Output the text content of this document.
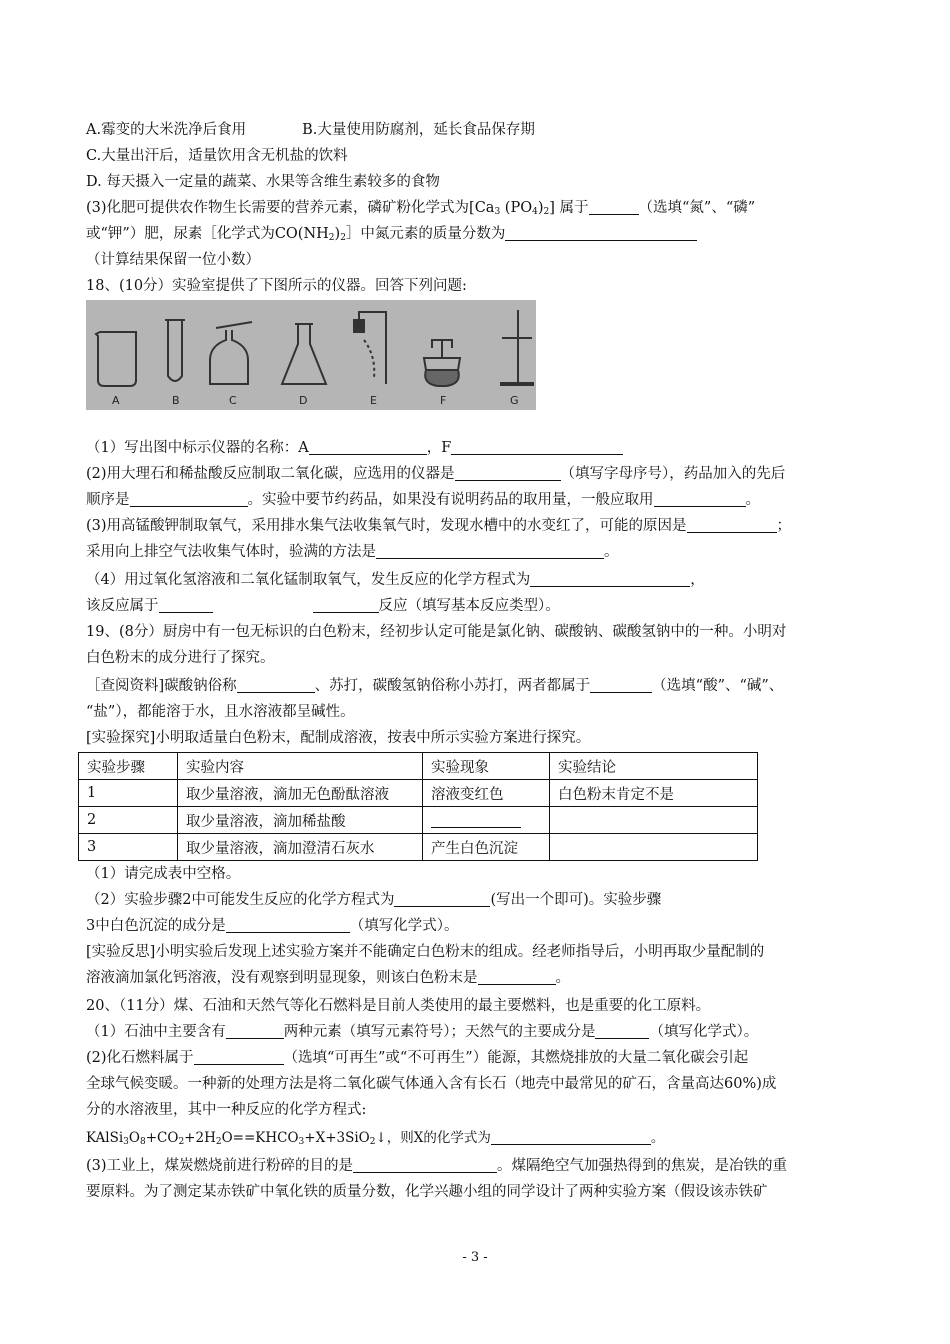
A.霉变的大米洗净后食用	B.大量使用防腐剂，延长食品保存期
C.大量出汗后，适量饮用含无机盐的饮料
D. 每天摄入一定量的蔬菜、水果等含维生素较多的食物
(3)化肥可提供农作物生长需要的营养元素，磷矿粉化学式为[$Ca_3$ $(PO_4)_2$] 属于	（选填“氮”、“磷”
或“钾”）肥，尿素［化学式为$CO(NH_2)_2]$中氮元素的质量分数为
（计算结果保留一位小数）
18、(10分）实验室提供了下图所示的仪器。回答下列问题:
A	B	C	D	E	F	G
（1）写出图中标示仪器的名称：A	，F
(2)用大理石和稀盐酸反应制取二氧化碳，应选用的仪器是	（填写字母序号），药品加入的先后
顺序是	。实验中要节约药品，如果没有说明药品的取用量，一般应取用	。
(3)用高锰酸钾制取氧气，采用排水集气法收集氧气时，发现水槽中的水变红了，可能的原因是	；
采用向上排空气法收集气体时，验满的方法是	。
（4）用过氧化氢溶液和二氧化锰制取氧气，发生反应的化学方程式为	，
该反应属于	反应（填写基本反应类型）。
19、(8分）厨房中有一包无标识的白色粉末，经初步认定可能是氯化钠、碳酸钠、碳酸氢钠中的一种。小明对
白色粉末的成分进行了探究。
［查阅资料]碳酸钠俗称	、苏打，碳酸氢钠俗称小苏打，两者都属于	（选填“酸”、“碱”、
“盐”），都能溶于水，且水溶液都呈碱性。
[实验探究]小明取适量白色粉末，配制成溶液，按表中所示实验方案进行探究。
实验步骤	实验内容	实验现象	实验结论
1	取少量溶液，滴加无色酚酞溶液	溶液变红色	白色粉末肯定不是
2	取少量溶液，滴加稀盐酸		
3	取少量溶液，滴加澄清石灰水	产生白色沉淀	
（1）请完成表中空格。
（2）实验步骤2中可能发生反应的化学方程式为	(写出一个即可)。实验步骤
3中白色沉淀的成分是	（填写化学式）。
[实验反思]小明实验后发现上述实验方案并不能确定白色粉末的组成。经老师指导后，小明再取少量配制的
溶液滴加氯化钙溶液，没有观察到明显现象，则该白色粉末是	。
20、（11分）煤、石油和天然气等化石燃料是目前人类使用的最主要燃料，也是重要的化工原料。
（1）石油中主要含有	两种元素（填写元素符号）；天然气的主要成分是	（填写化学式）。
(2)化石燃料属于	（选填“可再生”或“不可再生”）能源，其燃烧排放的大量二氧化碳会引起
全球气候变暖。一种新的处理方法是将二氧化碳气体通入含有长石（地壳中最常见的矿石，含量高达60%)成
分的水溶液里，其中一种反应的化学方程式:
$KAlSi_3O_8+CO_2+2H_2O==KHCO_3+X+3SiO_2↓$，则X的化学式为	。
(3)工业上，煤炭燃烧前进行粉碎的目的是	。煤隔绝空气加强热得到的焦炭，是冶铁的重
要原料。为了测定某赤铁矿中氧化铁的质量分数，化学兴趣小组的同学设计了两种实验方案（假设该赤铁矿
- 3 -
